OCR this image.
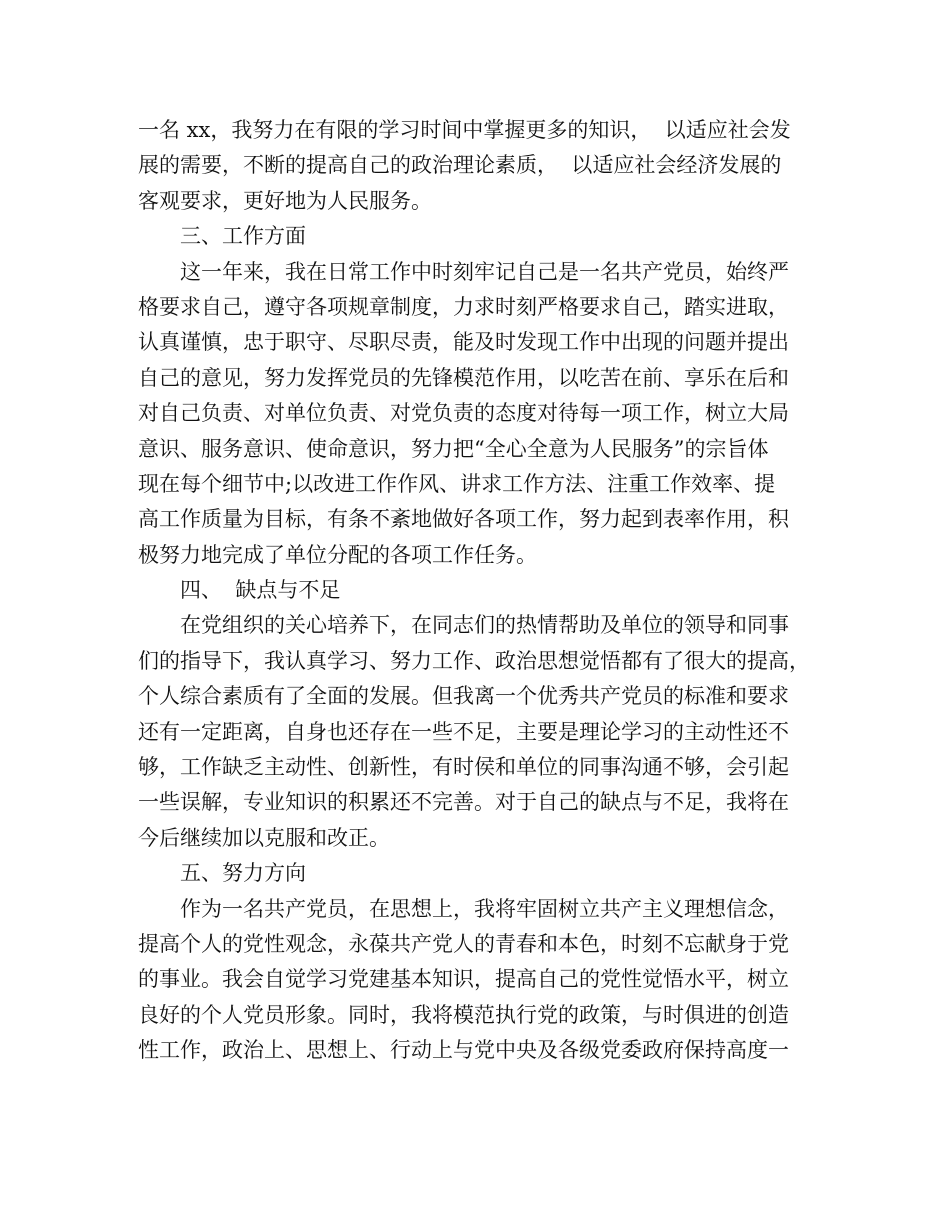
一名 xx，我努力在有限的学习时间中掌握更多的知识，  以适应社会发
展的需要，不断的提高自己的政治理论素质，  以适应社会经济发展的
客观要求，更好地为人民服务。
三、工作方面
这一年来，我在日常工作中时刻牢记自己是一名共产党员，始终严
格要求自己，遵守各项规章制度，力求时刻严格要求自己，踏实进取，
认真谨慎，忠于职守、尽职尽责，能及时发现工作中出现的问题并提出
自己的意见，努力发挥党员的先锋模范作用，以吃苦在前、享乐在后和
对自己负责、对单位负责、对党负责的态度对待每一项工作，树立大局
意识、服务意识、使命意识，努力把“全心全意为人民服务”的宗旨体
现在每个细节中;以改进工作作风、讲求工作方法、注重工作效率、提
高工作质量为目标，有条不紊地做好各项工作，努力起到表率作用，积
极努力地完成了单位分配的各项工作任务。
四、  缺点与不足
在党组织的关心培养下，在同志们的热情帮助及单位的领导和同事
们的指导下，我认真学习、努力工作、政治思想觉悟都有了很大的提高，
个人综合素质有了全面的发展。但我离一个优秀共产党员的标准和要求
还有一定距离，自身也还存在一些不足，主要是理论学习的主动性还不
够，工作缺乏主动性、创新性，有时侯和单位的同事沟通不够，会引起
一些误解，专业知识的积累还不完善。对于自己的缺点与不足，我将在
今后继续加以克服和改正。
五、努力方向
作为一名共产党员，在思想上，我将牢固树立共产主义理想信念，
提高个人的党性观念，永葆共产党人的青春和本色，时刻不忘献身于党
的事业。我会自觉学习党建基本知识，提高自己的党性觉悟水平，树立
良好的个人党员形象。同时，我将模范执行党的政策，与时俱进的创造
性工作，政治上、思想上、行动上与党中央及各级党委政府保持高度一
